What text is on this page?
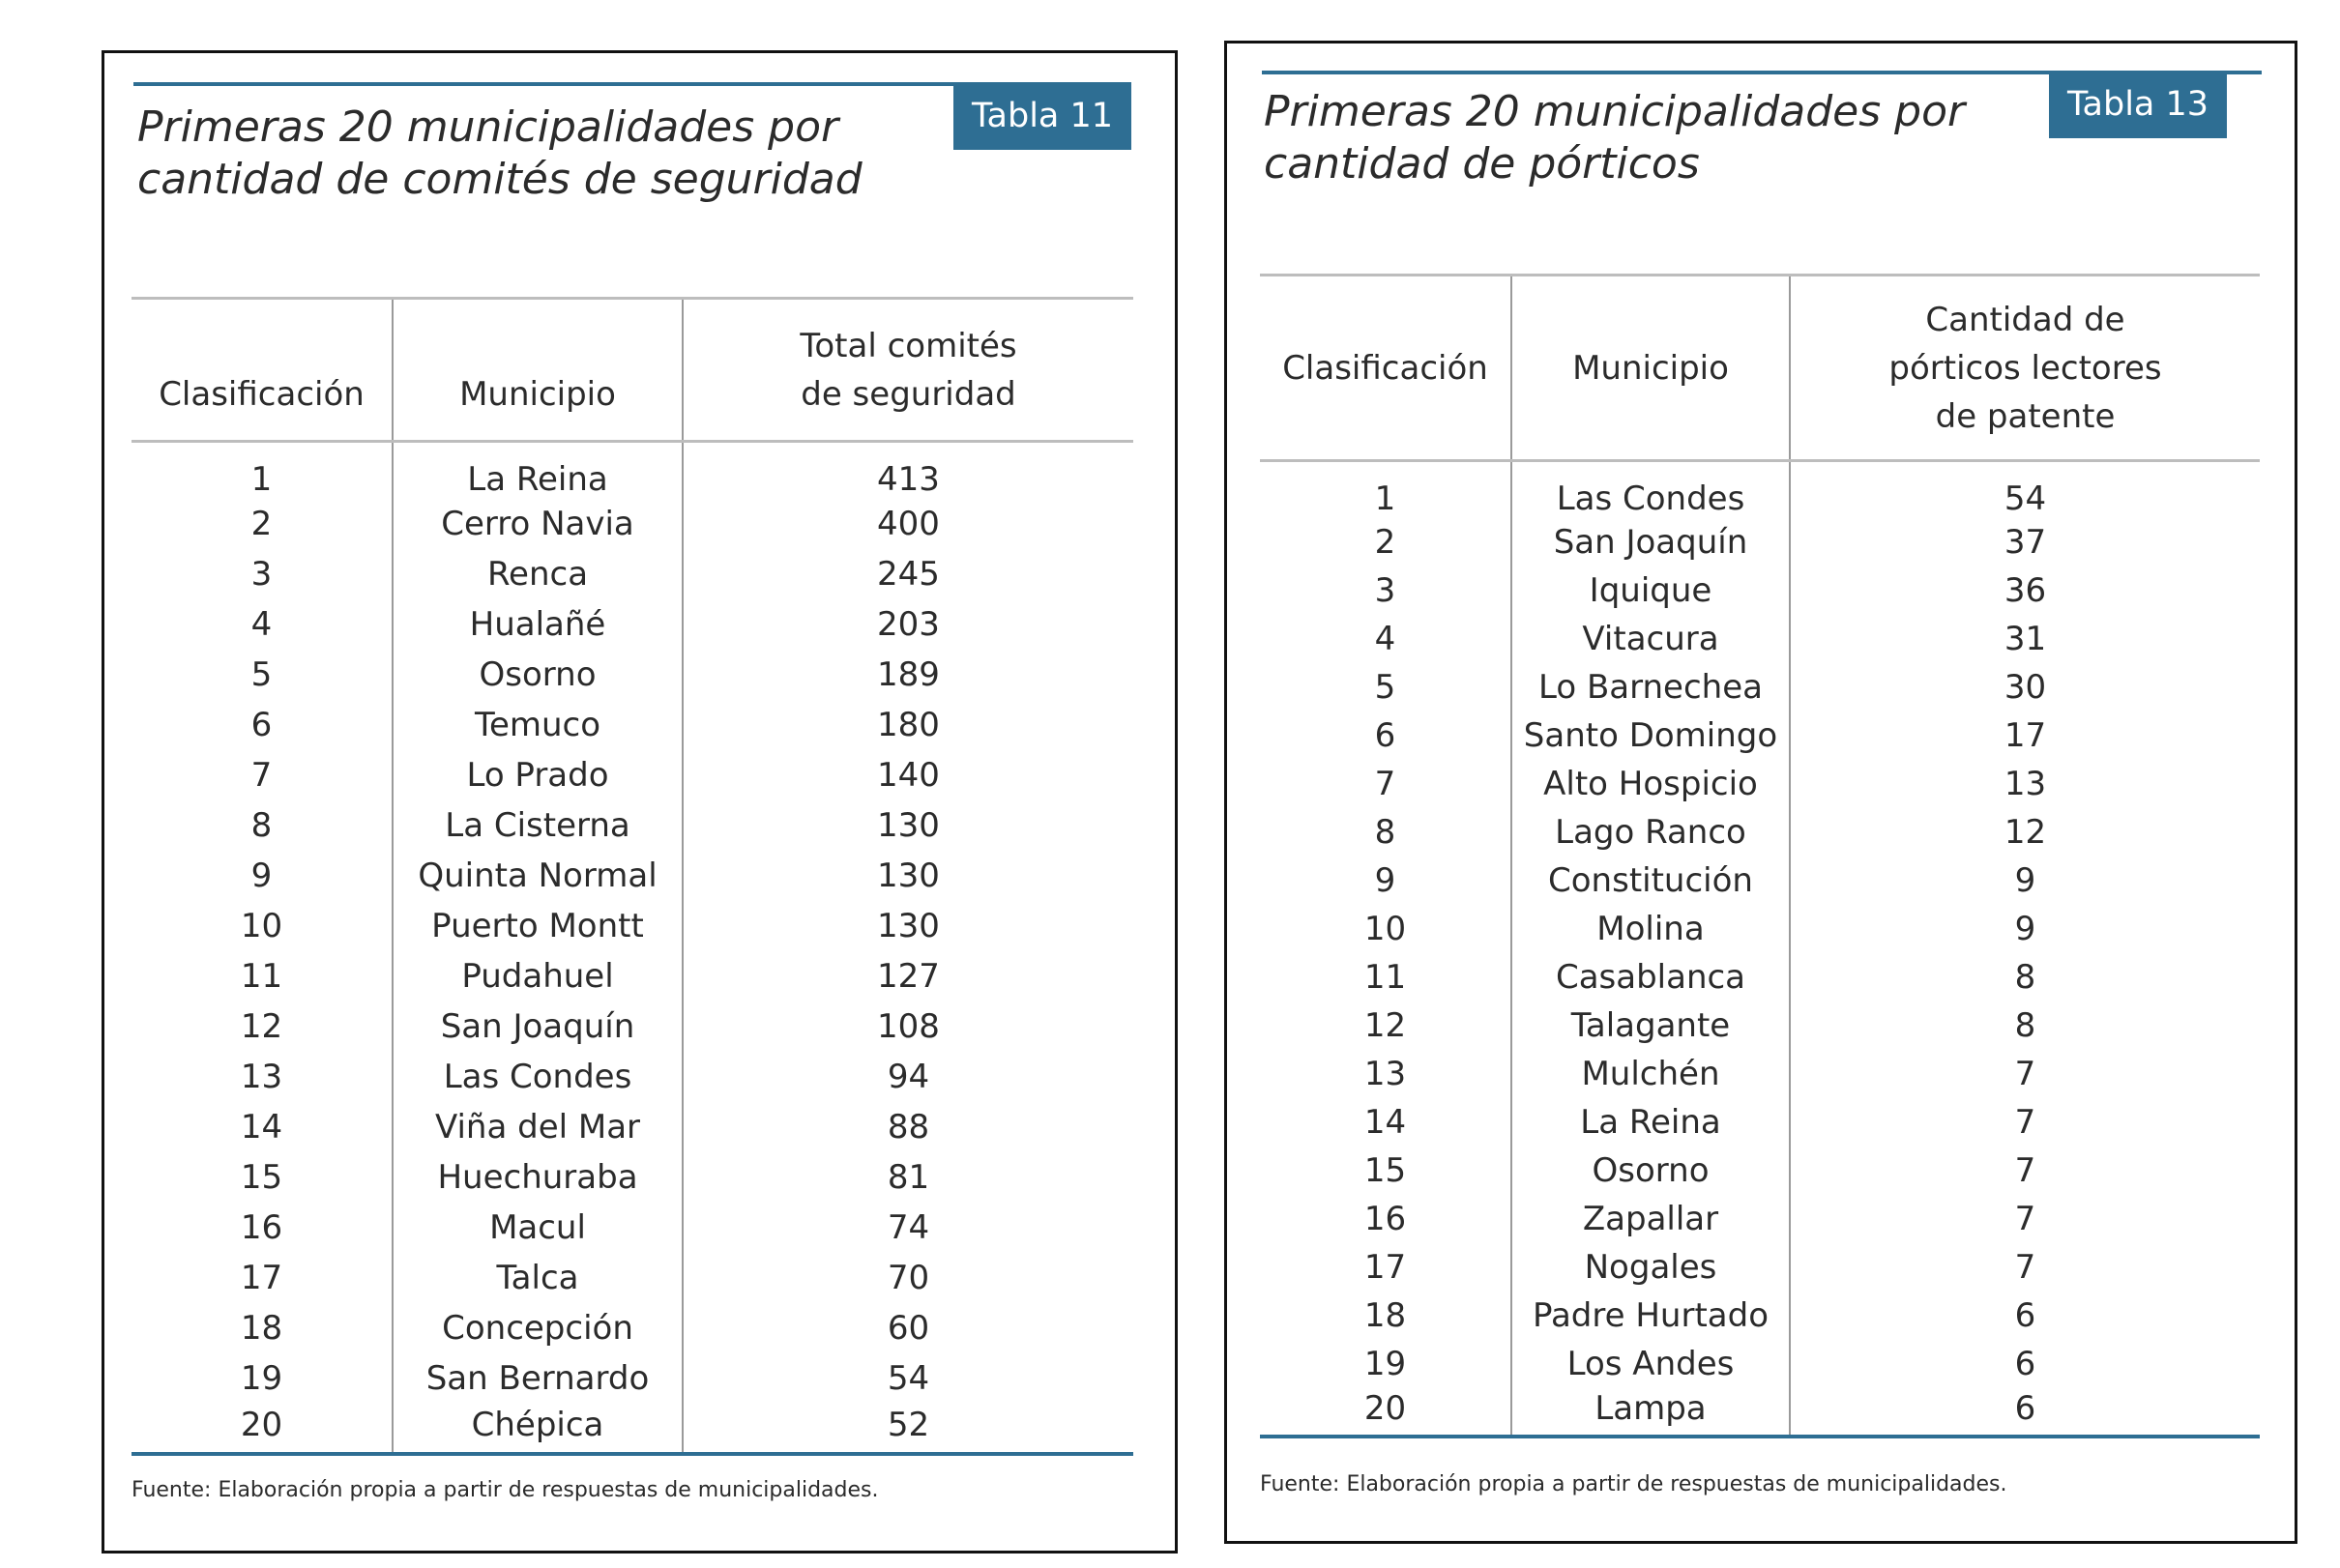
Tabla 11
Primeras 20 municipalidades por
cantidad de comités de seguridad
Clasificación	Municipio	Total comités
de seguridad

1	La Reina	413
2	Cerro Navia	400
3	Renca	245
4	Hualañé	203
5	Osorno	189
6	Temuco	180
7	Lo Prado	140
8	La Cisterna	130
9	Quinta Normal	130
10	Puerto Montt	130
11	Pudahuel	127
12	San Joaquín	108
13	Las Condes	94
14	Viña del Mar	88
15	Huechuraba	81
16	Macul	74
17	Talca	70
18	Concepción	60
19	San Bernardo	54
20	Chépica	52

Fuente: Elaboración propia a partir de respuestas de municipalidades.
Tabla 13
Primeras 20 municipalidades por
cantidad de pórticos
Clasificación	Municipio	Cantidad de
pórticos lectores
de patente

1	Las Condes	54
2	San Joaquín	37
3	Iquique	36
4	Vitacura	31
5	Lo Barnechea	30
6	Santo Domingo	17
7	Alto Hospicio	13
8	Lago Ranco	12
9	Constitución	9
10	Molina	9
11	Casablanca	8
12	Talagante	8
13	Mulchén	7
14	La Reina	7
15	Osorno	7
16	Zapallar	7
17	Nogales	7
18	Padre Hurtado	6
19	Los Andes	6
20	Lampa	6

Fuente: Elaboración propia a partir de respuestas de municipalidades.
